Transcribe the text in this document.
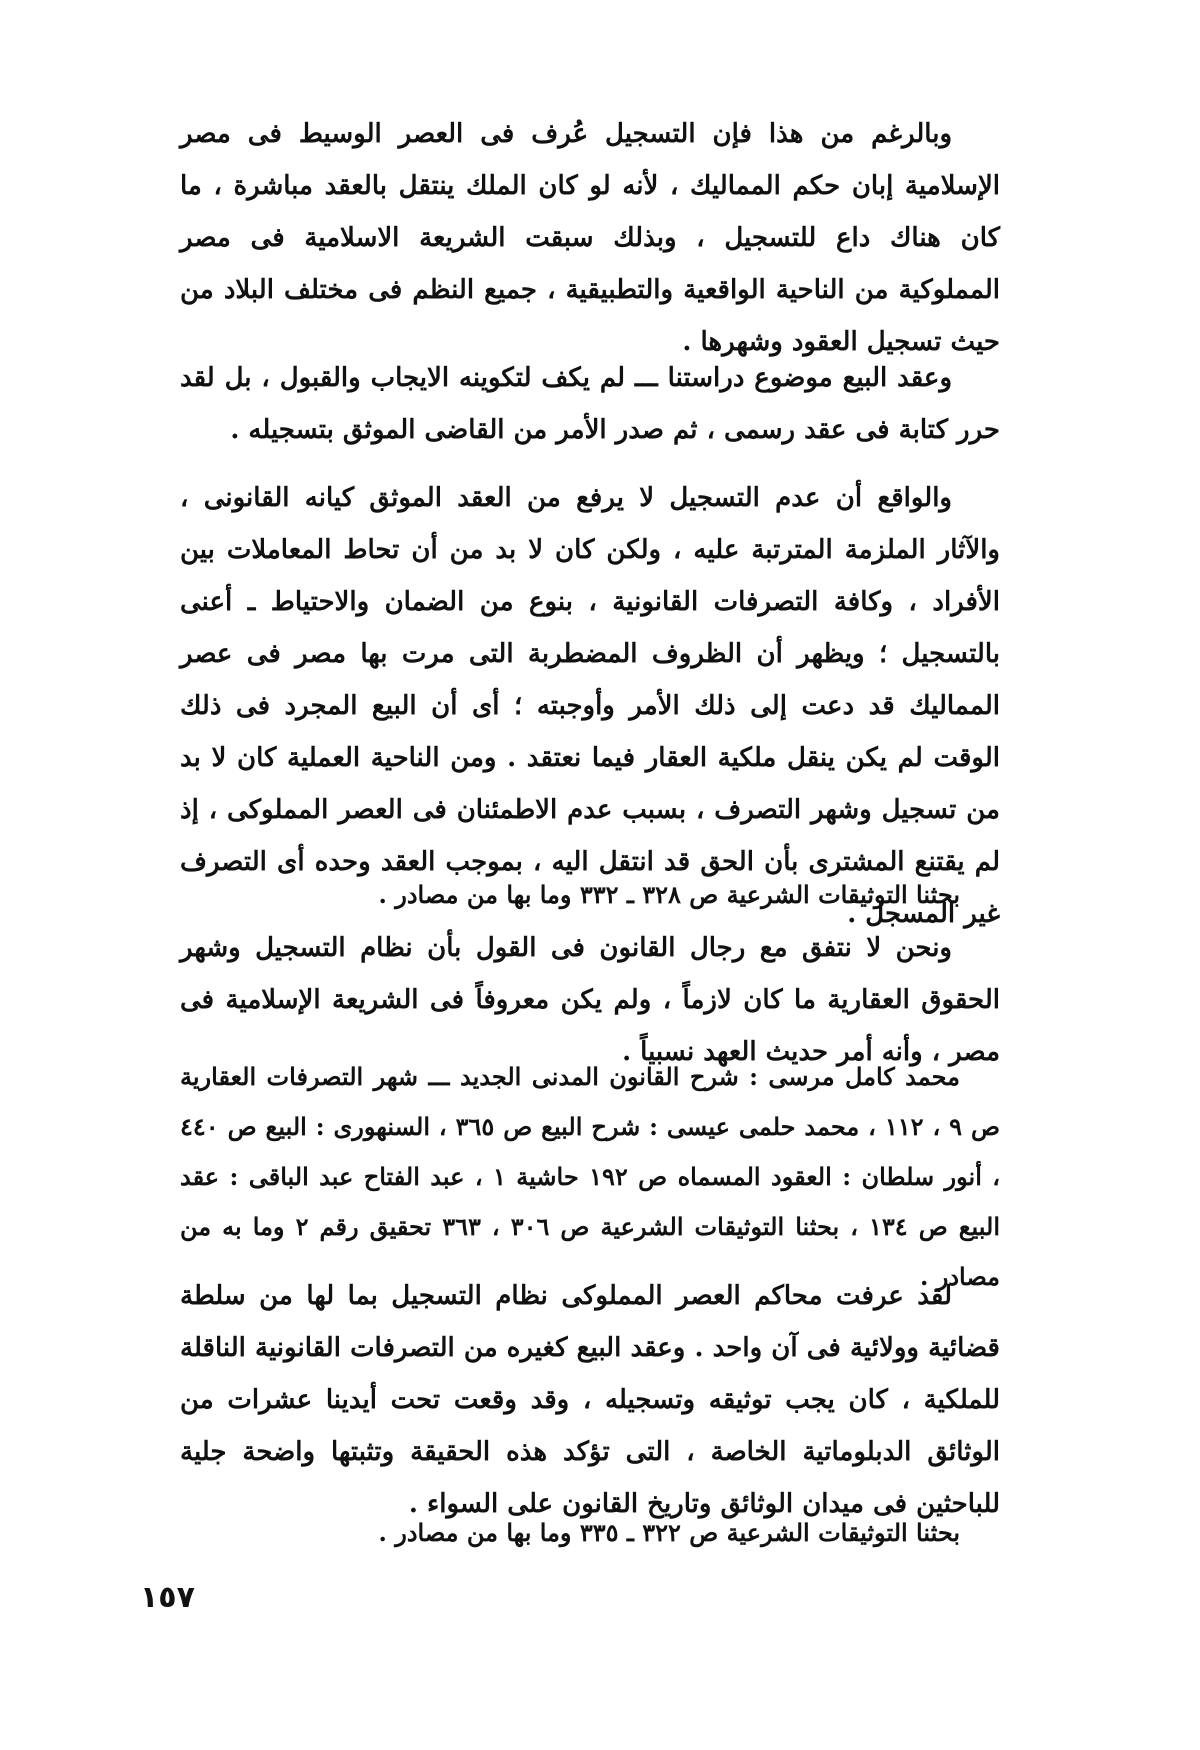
وبالرغم من هذا فإن التسجيل عُرف فى العصر الوسيط فى مصر الإسلامية إبان حكم المماليك ، لأنه لو كان الملك ينتقل بالعقد مباشرة ، ما كان هناك داع للتسجيل ، وبذلك سبقت الشريعة الاسلامية فى مصر المملوكية من الناحية الواقعية والتطبيقية ، جميع النظم فى مختلف البلاد من حيث تسجيل العقود وشهرها .

وعقد البيع موضوع دراستنا ـــ لم يكف لتكوينه الايجاب والقبول ، بل لقد حرر كتابة فى عقد رسمى ، ثم صدر الأمر من القاضى الموثق بتسجيله .

والواقع أن عدم التسجيل لا يرفع من العقد الموثق كيانه القانونى ، والآثار الملزمة المترتبة عليه ، ولكن كان لا بد من أن تحاط المعاملات بين الأفراد ، وكافة التصرفات القانونية ، بنوع من الضمان والاحتياط ـ أعنى بالتسجيل ؛ ويظهر أن الظروف المضطربة التى مرت بها مصر فى عصر المماليك قد دعت إلى ذلك الأمر وأوجبته ؛ أى أن البيع المجرد فى ذلك الوقت لم يكن ينقل ملكية العقار فيما نعتقد . ومن الناحية العملية كان لا بد من تسجيل وشهر التصرف ، بسبب عدم الاطمئنان فى العصر المملوكى ، إذ لم يقتنع المشترى بأن الحق قد انتقل اليه ، بموجب العقد وحده أى التصرف غير المسجل .

بحثنا التوثيقات الشرعية ص ٣٢٨ ـ ٣٣٢ وما بها من مصادر .

ونحن لا نتفق مع رجال القانون فى القول بأن نظام التسجيل وشهر الحقوق العقارية ما كان لازماً ، ولم يكن معروفاً فى الشريعة الإسلامية فى مصر ، وأنه أمر حديث العهد نسبياً .

محمد كامل مرسى : شرح القانون المدنى الجديد ـــ شهر التصرفات العقارية ص ٩ ، ١١٢ ، محمد حلمى عيسى : شرح البيع ص ٣٦٥ ، السنهورى : البيع ص ٤٤٠ ، أنور سلطان : العقود المسماه ص ١٩٢ حاشية ١ ، عبد الفتاح عبد الباقى : عقد البيع ص ١٣٤ ، بحثنا التوثيقات الشرعية ص ٣٠٦ ، ٣٦٣ تحقيق رقم ٢ وما به من مصادر .

لقد عرفت محاكم العصر المملوكى نظام التسجيل بما لها من سلطة قضائية وولائية فى آن واحد . وعقد البيع كغيره من التصرفات القانونية الناقلة للملكية ، كان يجب توثيقه وتسجيله ، وقد وقعت تحت أيدينا عشرات من الوثائق الدبلوماتية الخاصة ، التى تؤكد هذه الحقيقة وتثبتها واضحة جلية للباحثين فى ميدان الوثائق وتاريخ القانون على السواء .

بحثنا التوثيقات الشرعية ص ٣٢٢ ـ ٣٣٥ وما بها من مصادر .

١٥٧
